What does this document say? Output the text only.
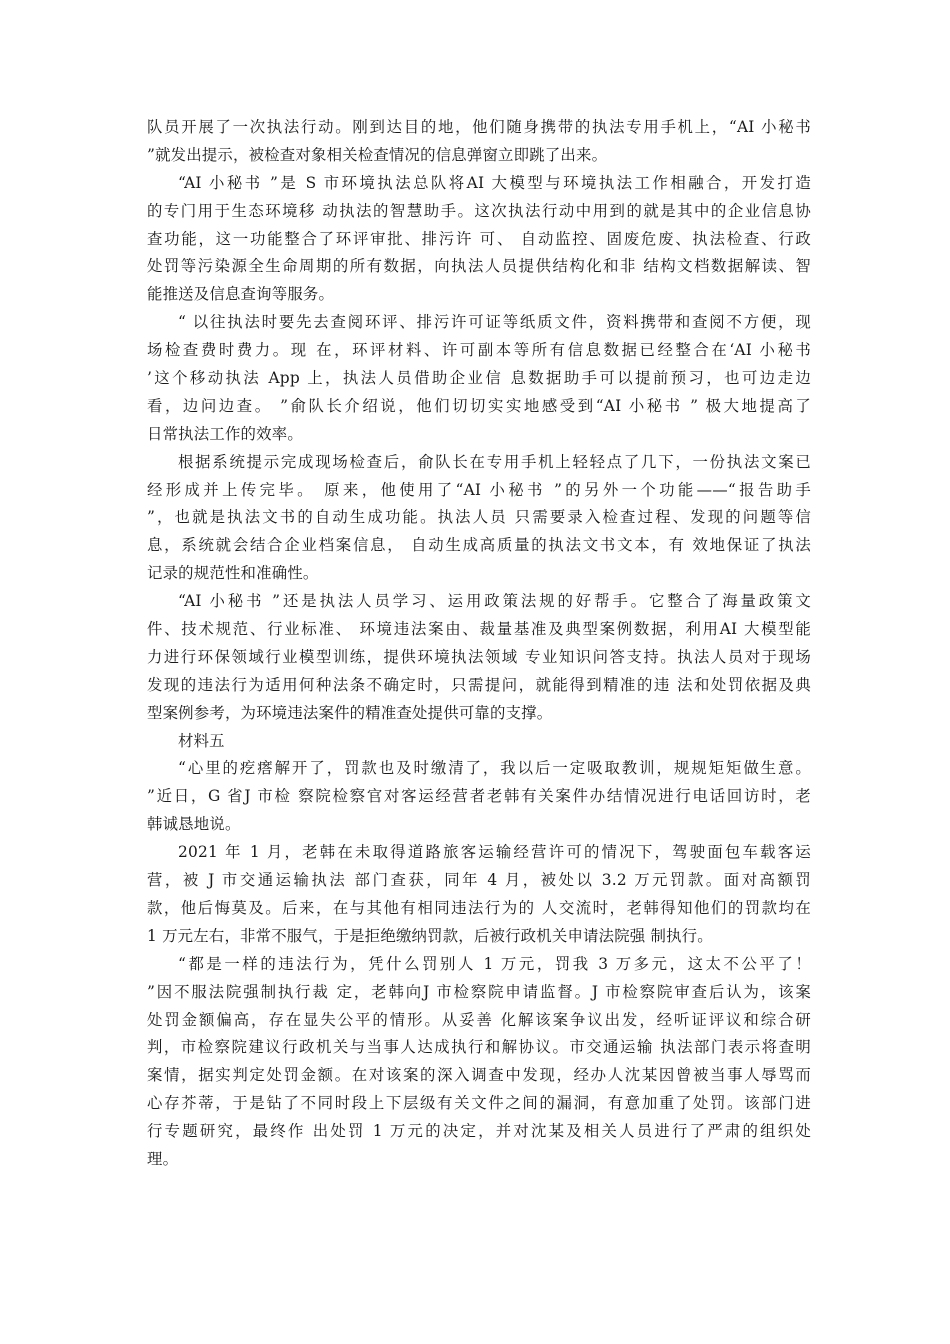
队员开展了一次执法行动。刚到达目的地，他们随身携带的执法专用手机上，“AI 小秘书
”就发出提示，被检查对象相关检查情况的信息弹窗立即跳了出来。
“AI 小秘书 ”是 S 市环境执法总队将AI 大模型与环境执法工作相融合，开发打造
的专门用于生态环境移 动执法的智慧助手。这次执法行动中用到的就是其中的企业信息协
查功能，这一功能整合了环评审批、排污许 可、 自动监控、固废危废、执法检查、行政
处罚等污染源全生命周期的所有数据，向执法人员提供结构化和非 结构文档数据解读、智
能推送及信息查询等服务。
“ 以往执法时要先去查阅环评、排污许可证等纸质文件，资料携带和查阅不方便，现
场检查费时费力。现 在，环评材料、许可副本等所有信息数据已经整合在‘AI 小秘书
’这个移动执法 App 上，执法人员借助企业信 息数据助手可以提前预习，也可边走边
看，边问边查。 ”俞队长介绍说，他们切切实实地感受到“AI 小秘书 ” 极大地提高了
日常执法工作的效率。
根据系统提示完成现场检查后，俞队长在专用手机上轻轻点了几下，一份执法文案已
经形成并上传完毕。 原来，他使用了“AI 小秘书 ”的另外一个功能——“报告助手
”，也就是执法文书的自动生成功能。执法人员 只需要录入检查过程、发现的问题等信
息，系统就会结合企业档案信息， 自动生成高质量的执法文书文本，有 效地保证了执法
记录的规范性和准确性。
“AI 小秘书 ”还是执法人员学习、运用政策法规的好帮手。它整合了海量政策文
件、技术规范、行业标准、 环境违法案由、裁量基准及典型案例数据，利用AI 大模型能
力进行环保领域行业模型训练，提供环境执法领域 专业知识问答支持。执法人员对于现场
发现的违法行为适用何种法条不确定时，只需提问，就能得到精准的违 法和处罚依据及典
型案例参考，为环境违法案件的精准查处提供可靠的支撑。
材料五
“心里的疙瘩解开了，罚款也及时缴清了，我以后一定吸取教训，规规矩矩做生意。
”近日，G 省J 市检 察院检察官对客运经营者老韩有关案件办结情况进行电话回访时，老
韩诚恳地说。
2021 年 1 月，老韩在未取得道路旅客运输经营许可的情况下，驾驶面包车载客运
营，被 J 市交通运输执法 部门查获，同年 4 月，被处以 3.2 万元罚款。面对高额罚
款，他后悔莫及。后来，在与其他有相同违法行为的 人交流时，老韩得知他们的罚款均在
1 万元左右，非常不服气，于是拒绝缴纳罚款，后被行政机关申请法院强 制执行。
“都是一样的违法行为，凭什么罚别人 1 万元，罚我 3 万多元，这太不公平了！
”因不服法院强制执行裁 定，老韩向J 市检察院申请监督。J 市检察院审查后认为，该案
处罚金额偏高，存在显失公平的情形。从妥善 化解该案争议出发，经听证评议和综合研
判，市检察院建议行政机关与当事人达成执行和解协议。市交通运输 执法部门表示将查明
案情，据实判定处罚金额。在对该案的深入调查中发现，经办人沈某因曾被当事人辱骂而
心存芥蒂，于是钻了不同时段上下层级有关文件之间的漏洞，有意加重了处罚。该部门进
行专题研究，最终作 出处罚 1 万元的决定，并对沈某及相关人员进行了严肃的组织处
理。
